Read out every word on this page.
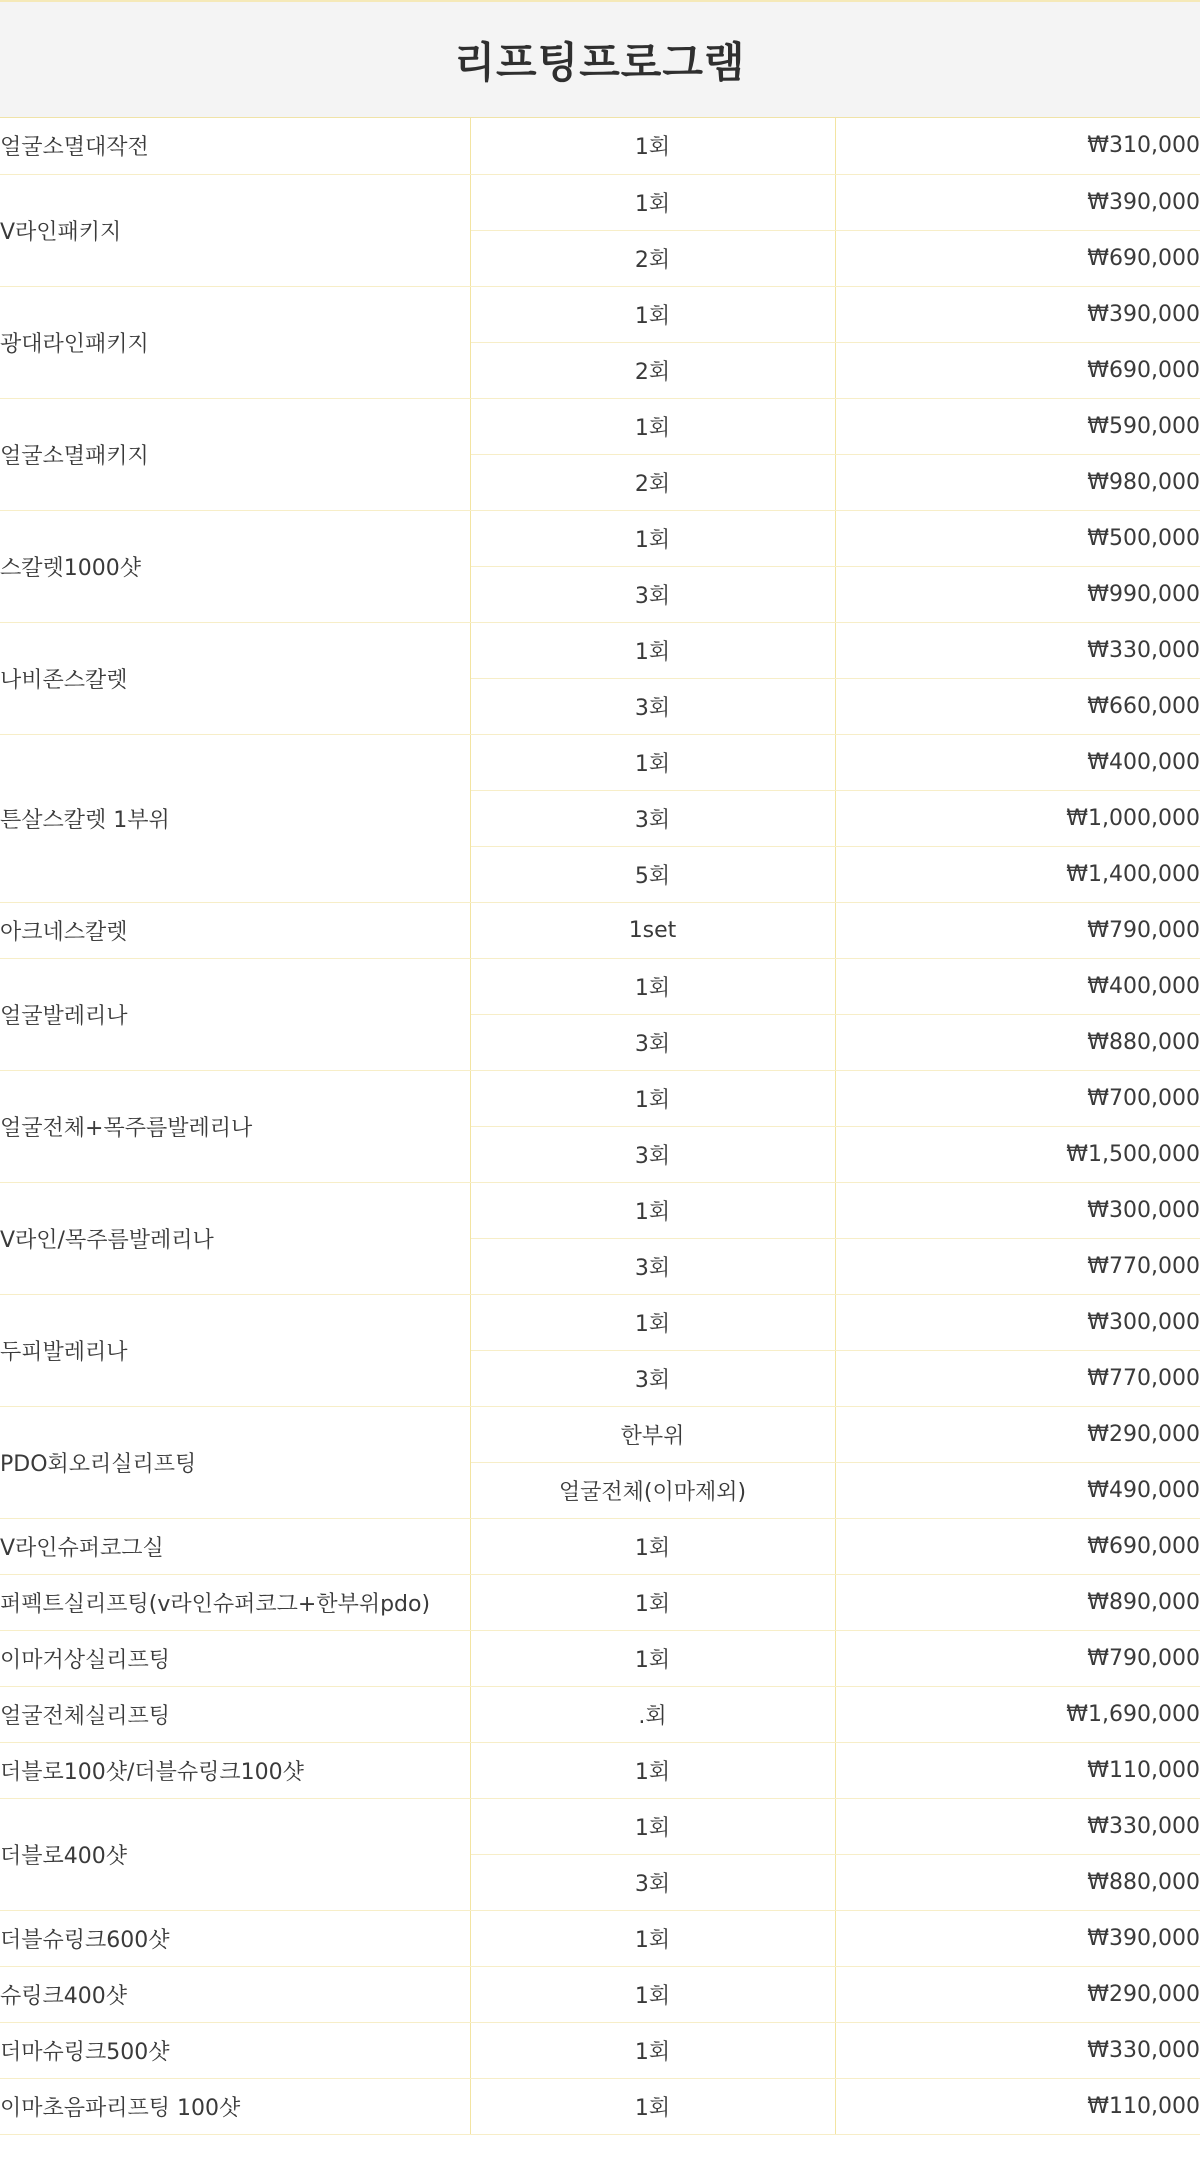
리프팅프로그램
얼굴소멸대작전	1회	₩310,000
V라인패키지	1회	₩390,000
	2회	₩690,000
광대라인패키지	1회	₩390,000
	2회	₩690,000
얼굴소멸패키지	1회	₩590,000
	2회	₩980,000
스칼렛1000샷	1회	₩500,000
	3회	₩990,000
나비존스칼렛	1회	₩330,000
	3회	₩660,000
튼살스칼렛 1부위	1회	₩400,000
	3회	₩1,000,000
	5회	₩1,400,000
아크네스칼렛	1set	₩790,000
얼굴발레리나	1회	₩400,000
	3회	₩880,000
얼굴전체+목주름발레리나	1회	₩700,000
	3회	₩1,500,000
V라인/목주름발레리나	1회	₩300,000
	3회	₩770,000
두피발레리나	1회	₩300,000
	3회	₩770,000
PDO회오리실리프팅	한부위	₩290,000
	얼굴전체(이마제외)	₩490,000
V라인슈퍼코그실	1회	₩690,000
퍼펙트실리프팅(v라인슈퍼코그+한부위pdo)	1회	₩890,000
이마거상실리프팅	1회	₩790,000
얼굴전체실리프팅	.회	₩1,690,000
더블로100샷/더블슈링크100샷	1회	₩110,000
더블로400샷	1회	₩330,000
	3회	₩880,000
더블슈링크600샷	1회	₩390,000
슈링크400샷	1회	₩290,000
더마슈링크500샷	1회	₩330,000
이마초음파리프팅 100샷	1회	₩110,000
